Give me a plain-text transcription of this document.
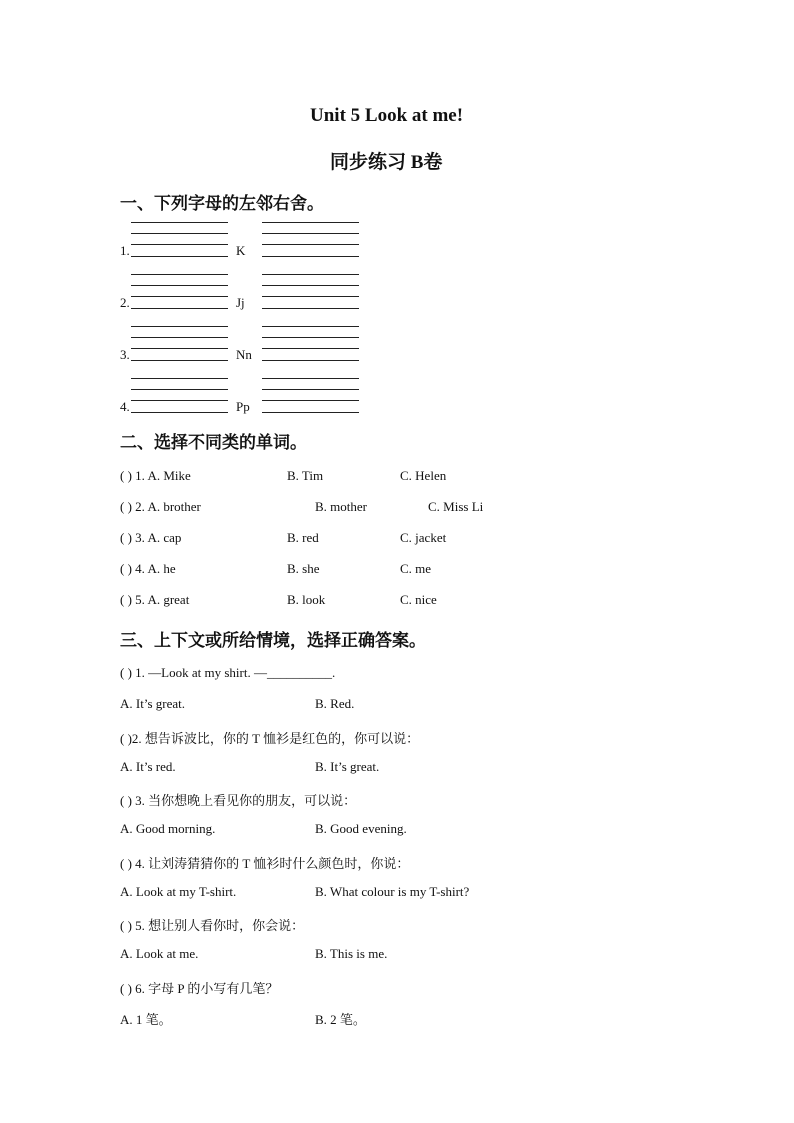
Unit 5 Look at me!
同步练习 B卷
一、下列字母的左邻右舍。
1.	K
2.	Jj
3.	Nn
4.	Pp
二、选择不同类的单词。
( ) 1. A. Mike	B. Tim	C. Helen
( ) 2. A. brother	B. mother	C. Miss Li
( ) 3. A. cap	B. red	C. jacket
( ) 4. A. he	B. she	C. me
( ) 5. A. great	B. look	C. nice
三、上下文或所给情境，选择正确答案。
( ) 1. —Look at my shirt. —__________.
A. It’s great.	B. Red.
( )2. 想告诉波比，你的 T 恤衫是红色的，你可以说：
A. It’s red.	B. It’s great.
( ) 3. 当你想晚上看见你的朋友，可以说：
A. Good morning.	B. Good evening.
( ) 4. 让刘涛猜猜你的 T 恤衫时什么颜色时，你说：
A. Look at my T-shirt.	B. What colour is my T-shirt?
( ) 5. 想让别人看你时，你会说：
A. Look at me.	B. This is me.
( ) 6. 字母 P 的小写有几笔？
A. 1 笔。	B. 2 笔。
